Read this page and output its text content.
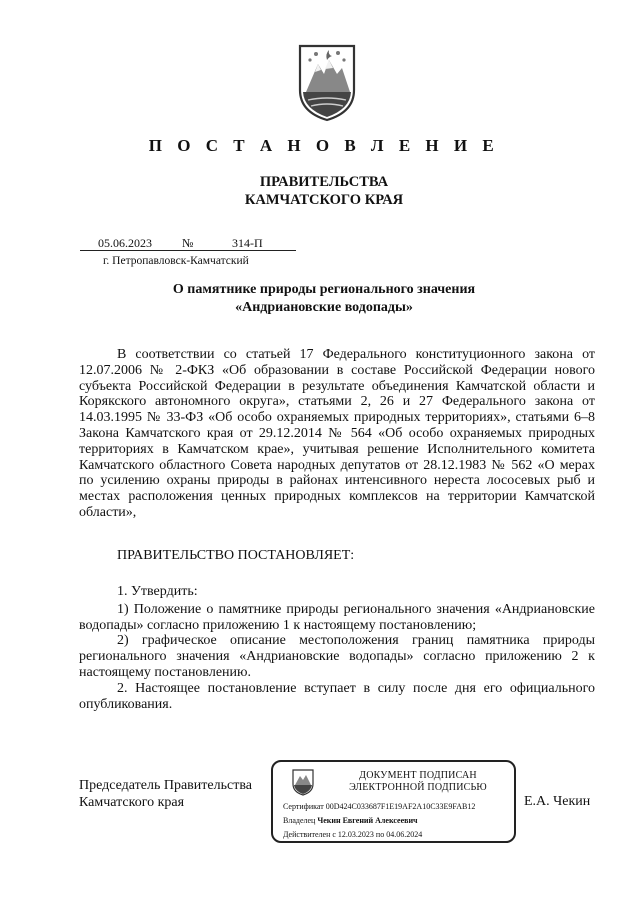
П О С Т А Н О В Л Е Н И Е
ПРАВИТЕЛЬСТВА
КАМЧАТСКОГО КРАЯ
05.06.2023	№	314-П
г. Петропавловск-Камчатский
О памятнике природы регионального значения
«Андриановские водопады»

В соответствии со статьей 17 Федерального конституционного закона от 12.07.2006 № 2-ФКЗ «Об образовании в составе Российской Федерации нового субъекта Российской Федерации в результате объединения Камчатской области и Корякского автономного округа», статьями 2, 26 и 27 Федерального закона от 14.03.1995 № 33-ФЗ «Об особо охраняемых природных территориях», статьями 6–8 Закона Камчатского края от 29.12.2014 № 564 «Об особо охраняемых природных территориях в Камчатском крае», учитывая решение Исполнительного комитета Камчатского областного Совета народных депутатов от 28.12.1983 № 562 «О мерах по усилению охраны природы в районах интенсивного нереста лососевых рыб и местах расположения ценных природных комплексов на территории Камчатской области»,

ПРАВИТЕЛЬСТВО ПОСТАНОВЛЯЕТ:

1. Утвердить:

1) Положение о памятнике природы регионального значения «Андриановские водопады» согласно приложению 1 к настоящему постановлению;

2) графическое описание местоположения границ памятника природы регионального значения «Андриановские водопады» согласно приложению 2 к настоящему постановлению.

2. Настоящее постановление вступает в силу после дня его официального опубликования.

Председатель Правительства
Камчатского края	Е.А. Чекин
ДОКУМЕНТ ПОДПИСАН
ЭЛЕКТРОННОЙ ПОДПИСЬЮ
Сертификат 00D424C033687F1E19AF2A10C33E9FAB12
Владелец Чекин Евгений Алексеевич
Действителен с 12.03.2023 по 04.06.2024
